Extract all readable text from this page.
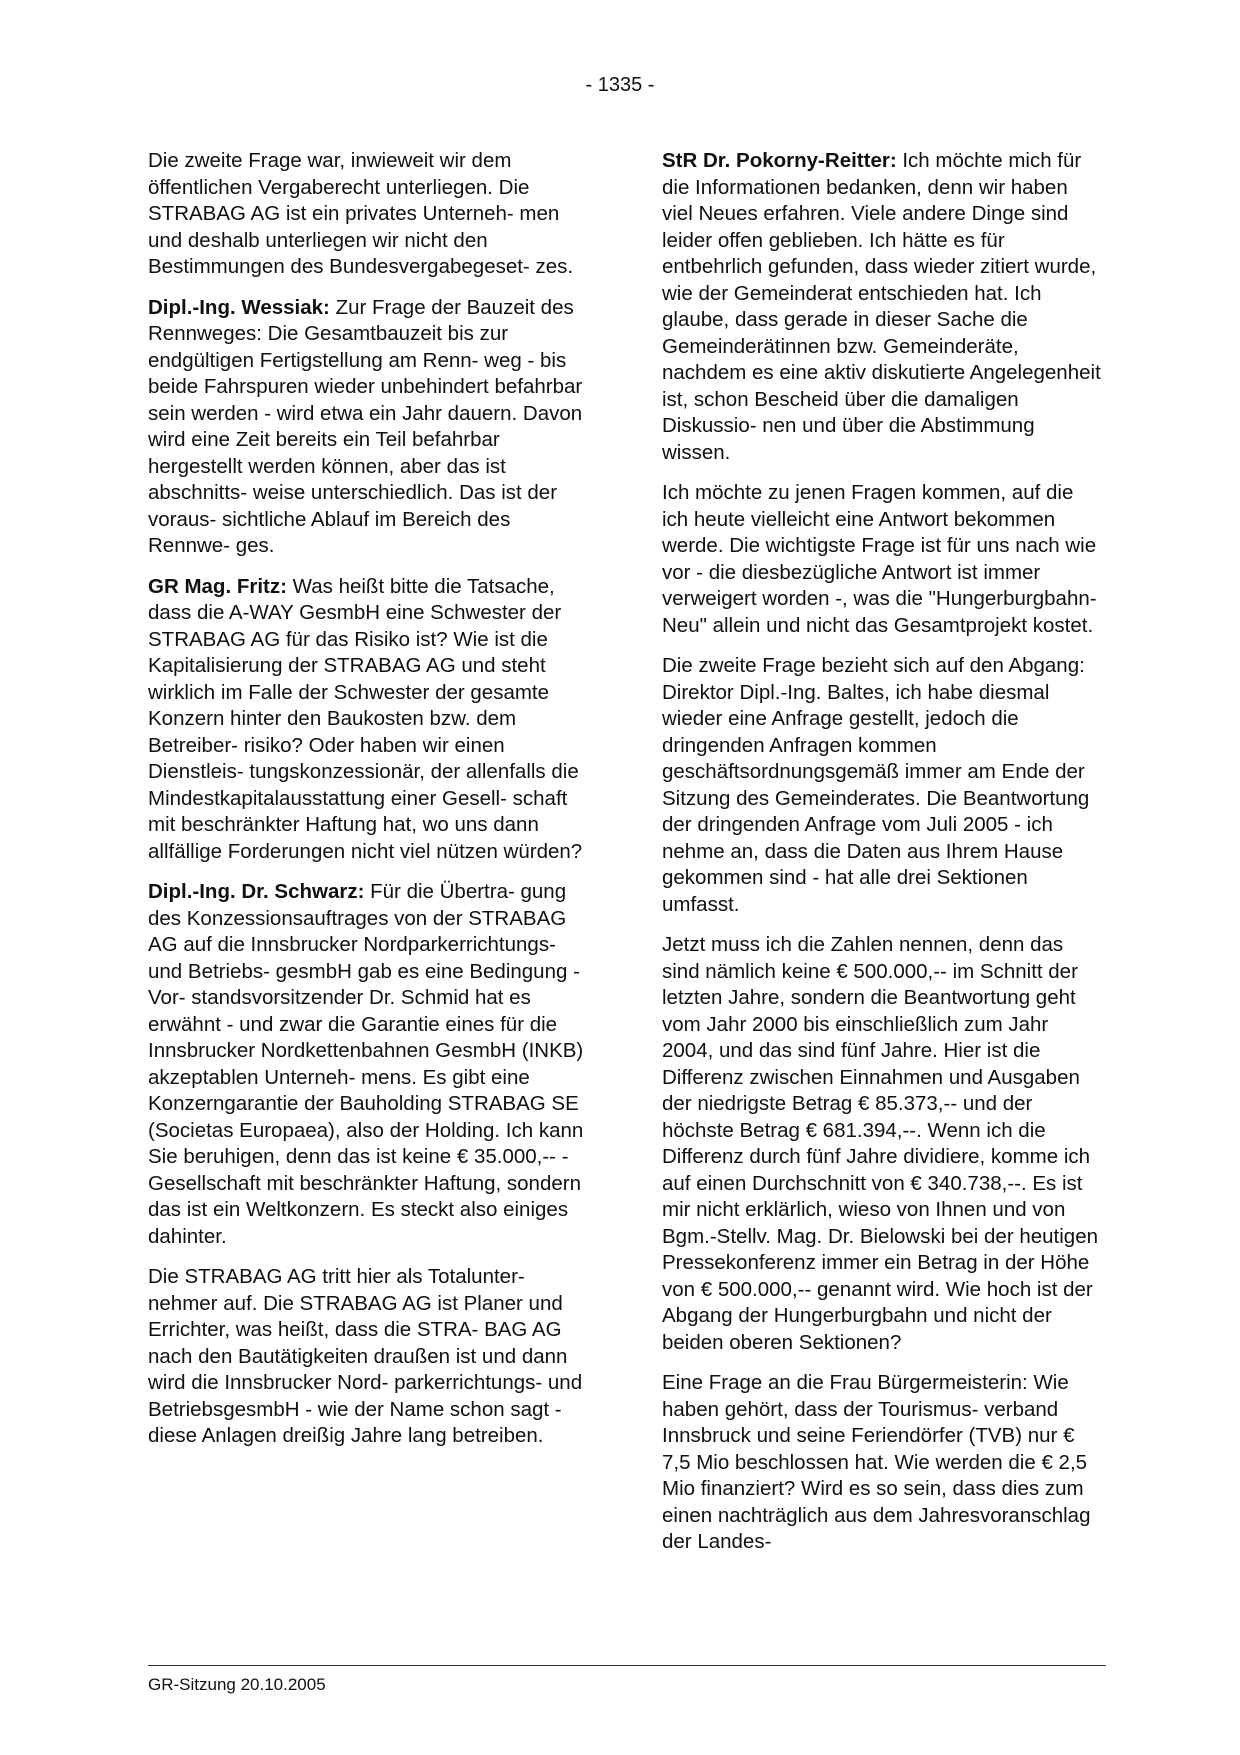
- 1335 -

Die zweite Frage war, inwieweit wir dem öffentlichen Vergaberecht unterliegen. Die STRABAG AG ist ein privates Unterneh- men und deshalb unterliegen wir nicht den Bestimmungen des Bundesvergabegeset- zes.

Dipl.-Ing. Wessiak: Zur Frage der Bauzeit des Rennweges: Die Gesamtbauzeit bis zur endgültigen Fertigstellung am Renn- weg - bis beide Fahrspuren wieder unbehindert befahrbar sein werden - wird etwa ein Jahr dauern. Davon wird eine Zeit bereits ein Teil befahrbar hergestellt werden können, aber das ist abschnitts- weise unterschiedlich. Das ist der voraus- sichtliche Ablauf im Bereich des Rennwe- ges.

GR Mag. Fritz: Was heißt bitte die Tatsache, dass die A-WAY GesmbH eine Schwester der STRABAG AG für das Risiko ist? Wie ist die Kapitalisierung der STRABAG AG und steht wirklich im Falle der Schwester der gesamte Konzern hinter den Baukosten bzw. dem Betreiber- risiko? Oder haben wir einen Dienstleis- tungskonzessionär, der allenfalls die Mindestkapitalausstattung einer Gesell- schaft mit beschränkter Haftung hat, wo uns dann allfällige Forderungen nicht viel nützen würden?

Dipl.-Ing. Dr. Schwarz: Für die Übertra- gung des Konzessionsauftrages von der STRABAG AG auf die Innsbrucker Nordparkerrichtungs- und Betriebs- gesmbH gab es eine Bedingung - Vor- standsvorsitzender Dr. Schmid hat es erwähnt - und zwar die Garantie eines für die Innsbrucker Nordkettenbahnen GesmbH (INKB) akzeptablen Unterneh- mens. Es gibt eine Konzerngarantie der Bauholding STRABAG SE (Societas Europaea), also der Holding. Ich kann Sie beruhigen, denn das ist keine € 35.000,-- - Gesellschaft mit beschränkter Haftung, sondern das ist ein Weltkonzern. Es steckt also einiges dahinter.

Die STRABAG AG tritt hier als Totalunter- nehmer auf. Die STRABAG AG ist Planer und Errichter, was heißt, dass die STRA- BAG AG nach den Bautätigkeiten draußen ist und dann wird die Innsbrucker Nord- parkerrichtungs- und BetriebsgesmbH - wie der Name schon sagt - diese Anlagen dreißig Jahre lang betreiben.

StR Dr. Pokorny-Reitter: Ich möchte mich für die Informationen bedanken, denn wir haben viel Neues erfahren. Viele andere Dinge sind leider offen geblieben. Ich hätte es für entbehrlich gefunden, dass wieder zitiert wurde, wie der Gemeinderat entschieden hat. Ich glaube, dass gerade in dieser Sache die Gemeinderätinnen bzw. Gemeinderäte, nachdem es eine aktiv diskutierte Angelegenheit ist, schon Bescheid über die damaligen Diskussio- nen und über die Abstimmung wissen.

Ich möchte zu jenen Fragen kommen, auf die ich heute vielleicht eine Antwort bekommen werde. Die wichtigste Frage ist für uns nach wie vor - die diesbezügliche Antwort ist immer verweigert worden -, was die "Hungerburgbahn-Neu" allein und nicht das Gesamtprojekt kostet.

Die zweite Frage bezieht sich auf den Abgang: Direktor Dipl.-Ing. Baltes, ich habe diesmal wieder eine Anfrage gestellt, jedoch die dringenden Anfragen kommen geschäftsordnungsgemäß immer am Ende der Sitzung des Gemeinderates. Die Beantwortung der dringenden Anfrage vom Juli 2005 - ich nehme an, dass die Daten aus Ihrem Hause gekommen sind - hat alle drei Sektionen umfasst.

Jetzt muss ich die Zahlen nennen, denn das sind nämlich keine € 500.000,-- im Schnitt der letzten Jahre, sondern die Beantwortung geht vom Jahr 2000 bis einschließlich zum Jahr 2004, und das sind fünf Jahre. Hier ist die Differenz zwischen Einnahmen und Ausgaben der niedrigste Betrag € 85.373,-- und der höchste Betrag € 681.394,--. Wenn ich die Differenz durch fünf Jahre dividiere, komme ich auf einen Durchschnitt von € 340.738,--. Es ist mir nicht erklärlich, wieso von Ihnen und von Bgm.-Stellv. Mag. Dr. Bielowski bei der heutigen Pressekonferenz immer ein Betrag in der Höhe von € 500.000,-- genannt wird. Wie hoch ist der Abgang der Hungerburgbahn und nicht der beiden oberen Sektionen?

Eine Frage an die Frau Bürgermeisterin: Wie haben gehört, dass der Tourismus- verband Innsbruck und seine Feriendörfer (TVB) nur € 7,5 Mio beschlossen hat. Wie werden die € 2,5 Mio finanziert? Wird es so sein, dass dies zum einen nachträglich aus dem Jahresvoranschlag der Landes-

GR-Sitzung 20.10.2005
